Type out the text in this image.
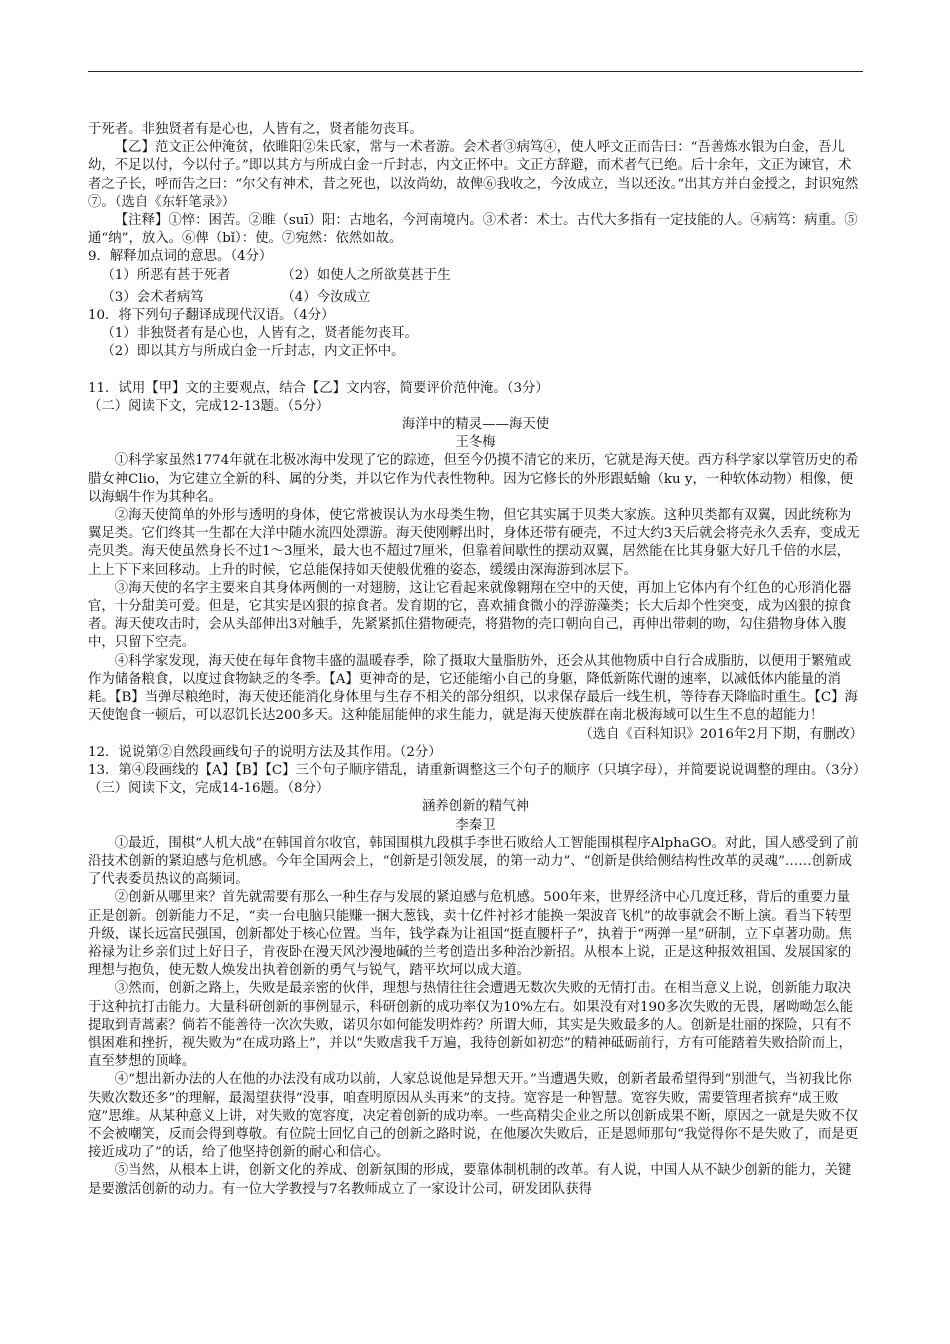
于死者。非独贤者有是心也，人皆有之，贤者能勿丧耳。

【乙】范文正公仲淹贫，依睢阳②朱氏家，常与一术者游。会术者③病笃④，使人呼文正而告曰：“吾善炼水银为白金，吾儿幼，不足以付，今以付子。”即以其方与所成白金一斤封志，内文正怀中。文正方辞避，而术者气已绝。后十余年，文正为谏官，术者之子长，呼而告之曰：“尔父有神术，昔之死也，以汝尚幼，故俾⑥我收之，今汝成立，当以还汝。”出其方并白金授之，封识宛然⑦。（选自《东轩笔录》）

【注释】①悴：困苦。②睢（suī）阳：古地名，今河南境内。③术者：术士。古代大多指有一定技能的人。④病笃：病重。⑤通“纳”，放入。⑥俾（bǐ）：使。⑦宛然：依然如故。

9．解释加点词的意思。（4分）

（1）所恶有甚于死者	（2）如使人之所欲莫甚于生
（3）会术者病笃	（4）今汝成立

10．将下列句子翻译成现代汉语。（4分）

（1）非独贤者有是心也，人皆有之，贤者能勿丧耳。

（2）即以其方与所成白金一斤封志，内文正怀中。

11．试用【甲】文的主要观点，结合【乙】文内容，简要评价范仲淹。（3分）

（二）阅读下文，完成12-13题。（5分）

海洋中的精灵——海天使

王冬梅

①科学家虽然1774年就在北极冰海中发现了它的踪迹，但至今仍摸不清它的来历，它就是海天使。西方科学家以掌管历史的希腊女神Clio，为它建立全新的科、属的分类，并以它作为代表性物种。因为它修长的外形跟蛞蝓（ku y，一种软体动物）相像，便以海蜗牛作为其种名。

②海天使简单的外形与透明的身体，使它常被误认为水母类生物，但它其实属于贝类大家族。这种贝类都有双翼，因此统称为翼足类。它们终其一生都在大洋中随水流四处漂游。海天使刚孵出时，身体还带有硬壳，不过大约3天后就会将壳永久丢弃，变成无壳贝类。海天使虽然身长不过1～3厘米，最大也不超过7厘米，但靠着间歇性的摆动双翼，居然能在比其身躯大好几千倍的水层，上上下下来回移动。上升的时候，它总能保持如天使般优雅的姿态，缓缓由深海游到冰层下。

③海天使的名字主要来自其身体两侧的一对翅膀，这让它看起来就像翱翔在空中的天使，再加上它体内有个红色的心形消化器官，十分甜美可爱。但是，它其实是凶狠的掠食者。发育期的它，喜欢捕食微小的浮游藻类；长大后却个性突变，成为凶狠的掠食者。海天使攻击时，会从头部伸出3对触手，先紧紧抓住猎物硬壳，将猎物的壳口朝向自己，再伸出带刺的吻，勾住猎物身体入腹中，只留下空壳。

④科学家发现，海天使在每年食物丰盛的温暖春季，除了摄取大量脂肪外，还会从其他物质中自行合成脂肪，以便用于繁殖或作为储备粮食，以度过食物缺乏的冬季。【A】更神奇的是，它还能缩小自己的身躯，降低新陈代谢的速率，以减低体内能量的消耗。【B】当弹尽粮绝时，海天使还能消化身体里与生存不相关的部分组织，以求保存最后一线生机，等待春天降临时重生。【C】海天使饱食一顿后，可以忍饥长达200多天。这种能屈能伸的求生能力，就是海天使族群在南北极海域可以生生不息的超能力！

（选自《百科知识》2016年2月下期，有删改）

12．说说第②自然段画线句子的说明方法及其作用。（2分）

13．第④段画线的【A】【B】【C】三个句子顺序错乱，请重新调整这三个句子的顺序（只填字母），并简要说说调整的理由。（3分）

（三）阅读下文，完成14-16题。（8分）

涵养创新的精气神

李秦卫

①最近，围棋“人机大战”在韩国首尔收官，韩国围棋九段棋手李世石败给人工智能围棋程序AlphaGO。对此，国人感受到了前沿技术创新的紧迫感与危机感。今年全国两会上，“创新是引领发展，的第一动力”、“创新是供给侧结构性改革的灵魂”……创新成了代表委员热议的高频词。

②创新从哪里来？首先就需要有那么一种生存与发展的紧迫感与危机感。500年来，世界经济中心几度迁移，背后的重要力量正是创新。创新能力不足，“卖一台电脑只能赚一捆大葱钱，卖十亿件衬衫才能换一架波音飞机”的故事就会不断上演。看当下转型升级，谋长远富民强国，创新都处于核心位置。当年，钱学森为让祖国“挺直腰杆子”，执着于“两弹一星”研制，立下卓著功勋。焦裕禄为让乡亲们过上好日子，肯夜卧在漫天风沙漫地碱的兰考创造出多种治沙新招。从根本上说，正是这种报效祖国、发展国家的理想与抱负，使无数人焕发出执着创新的勇气与锐气，踏平坎坷以成大道。

③然而，创新之路上，失败是最亲密的伙伴，理想与热情往往会遭遇无数次失败的无情打击。在相当意义上说，创新能力取决于这种抗打击能力。大量科研创新的事例显示，科研创新的成功率仅为10%左右。如果没有对190多次失败的无畏，屠呦呦怎么能提取到青蒿素？倘若不能善待一次次失败，诺贝尔如何能发明炸药？所谓大师，其实是失败最多的人。创新是壮丽的探险，只有不惧困难和挫折，视失败为“在成功路上”，并以“失败虐我千万遍，我待创新如初恋”的精神砥砺前行，方有可能踏着失败拾阶而上，直至梦想的顶峰。

④“想出新办法的人在他的办法没有成功以前，人家总说他是异想天开。”当遭遇失败，创新者最希望得到“别泄气，当初我比你失败次数还多”的理解，最渴望获得“没事，咱查明原因从头再来”的支持。宽容是一种智慧。宽容失败，需要管理者摈弃“成王败寇”思维。从某种意义上讲，对失败的宽容度，决定着创新的成功率。一些高精尖企业之所以创新成果不断，原因之一就是失败不仅不会被嘲笑，反而会得到尊敬。有位院士回忆自己的创新之路时说，在他屡次失败后，正是恩师那句“我觉得你不是失败了，而是更接近成功了”的话，给了他坚持创新的耐心和信心。

⑤当然，从根本上讲，创新文化的养成、创新氛围的形成，要靠体制机制的改革。有人说，中国人从不缺少创新的能力，关键是要激活创新的动力。有一位大学教授与7名教师成立了一家设计公司，研发团队获得
